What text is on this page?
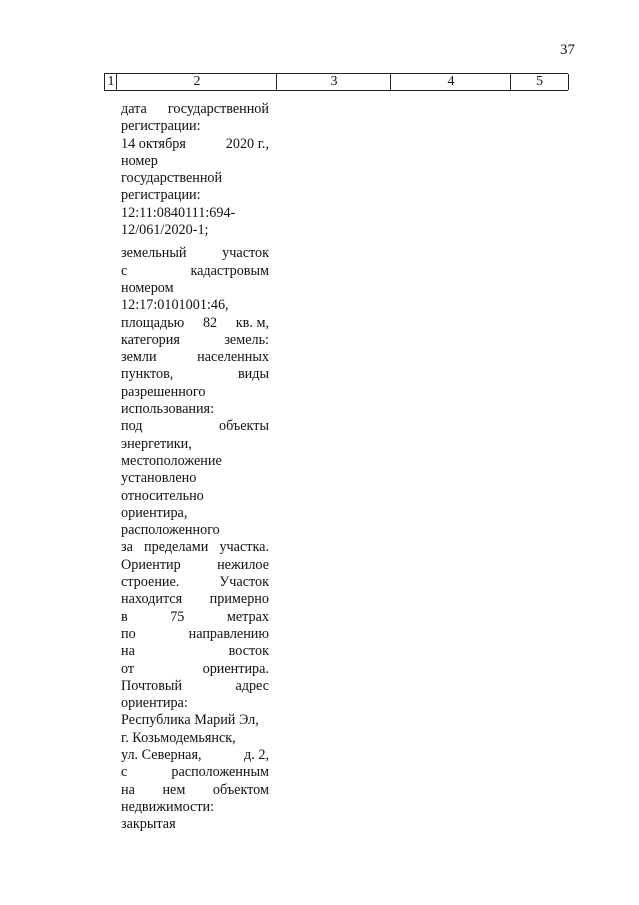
37
1	2	3	4	5
дата государственной
регистрации:
14 октября	2020 г.,
номер
государственной
регистрации:
12:11:0840111:694-
12/061/2020-1;
земельный	участок
с	кадастровым
номером
12:17:0101001:46,
площадью 82 кв. м,
категория	земель:
земли	населенных
пунктов,	виды
разрешенного
использования:
под	объекты
энергетики,
местоположение
установлено
относительно
ориентира,
расположенного
за пределами участка.
Ориентир	нежилое
строение.	Участок
находится примерно
в	75	метрах
по	направлению
на	восток
от	ориентира.
Почтовый	адрес
ориентира:
Республика Марий Эл,
г. Козьмодемьянск,
ул. Северная,	д. 2,
с	расположенным
на нем объектом
недвижимости:
закрытая
